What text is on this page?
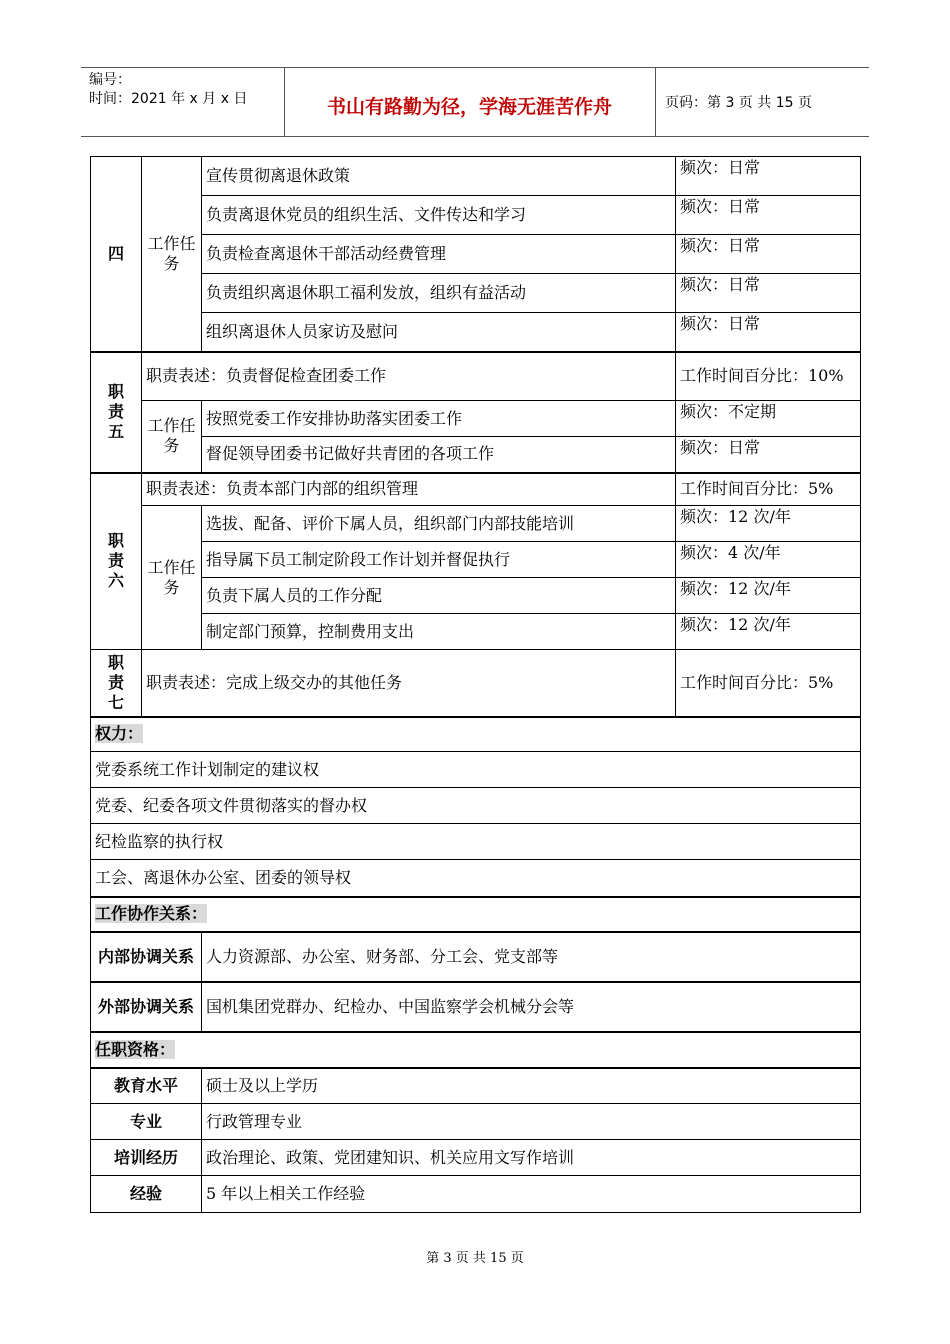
编号：
时间：2021 年 x 月 x 日	书山有路勤为径，学海无涯苦作舟	页码：第 3 页 共 15 页
四	工作任务	宣传贯彻离退休政策	频次：日常
		负责离退休党员的组织生活、文件传达和学习	频次：日常
		负责检查离退休干部活动经费管理	频次：日常
		负责组织离退休职工福利发放，组织有益活动	频次：日常
		组织离退休人员家访及慰问	频次：日常
职责五	职责表述：负责督促检查团委工作		工作时间百分比：10%
	工作任务	按照党委工作安排协助落实团委工作	频次：不定期
		督促领导团委书记做好共青团的各项工作	频次：日常
职责六	职责表述：负责本部门内部的组织管理		工作时间百分比：5%
	工作任务	选拔、配备、评价下属人员，组织部门内部技能培训	频次：12 次/年
		指导属下员工制定阶段工作计划并督促执行	频次：4 次/年
		负责下属人员的工作分配	频次：12 次/年
		制定部门预算，控制费用支出	频次：12 次/年
职责七	职责表述：完成上级交办的其他任务		工作时间百分比：5%
权力：			
党委系统工作计划制定的建议权			
党委、纪委各项文件贯彻落实的督办权			
纪检监察的执行权			
工会、离退休办公室、团委的领导权			
工作协作关系：			
内部协调关系		人力资源部、办公室、财务部、分工会、党支部等	
外部协调关系		国机集团党群办、纪检办、中国监察学会机械分会等	
任职资格：			
教育水平		硕士及以上学历	
专业		行政管理专业	
培训经历		政治理论、政策、党团建知识、机关应用文写作培训	
经验		5 年以上相关工作经验	
第 3 页 共 15 页
